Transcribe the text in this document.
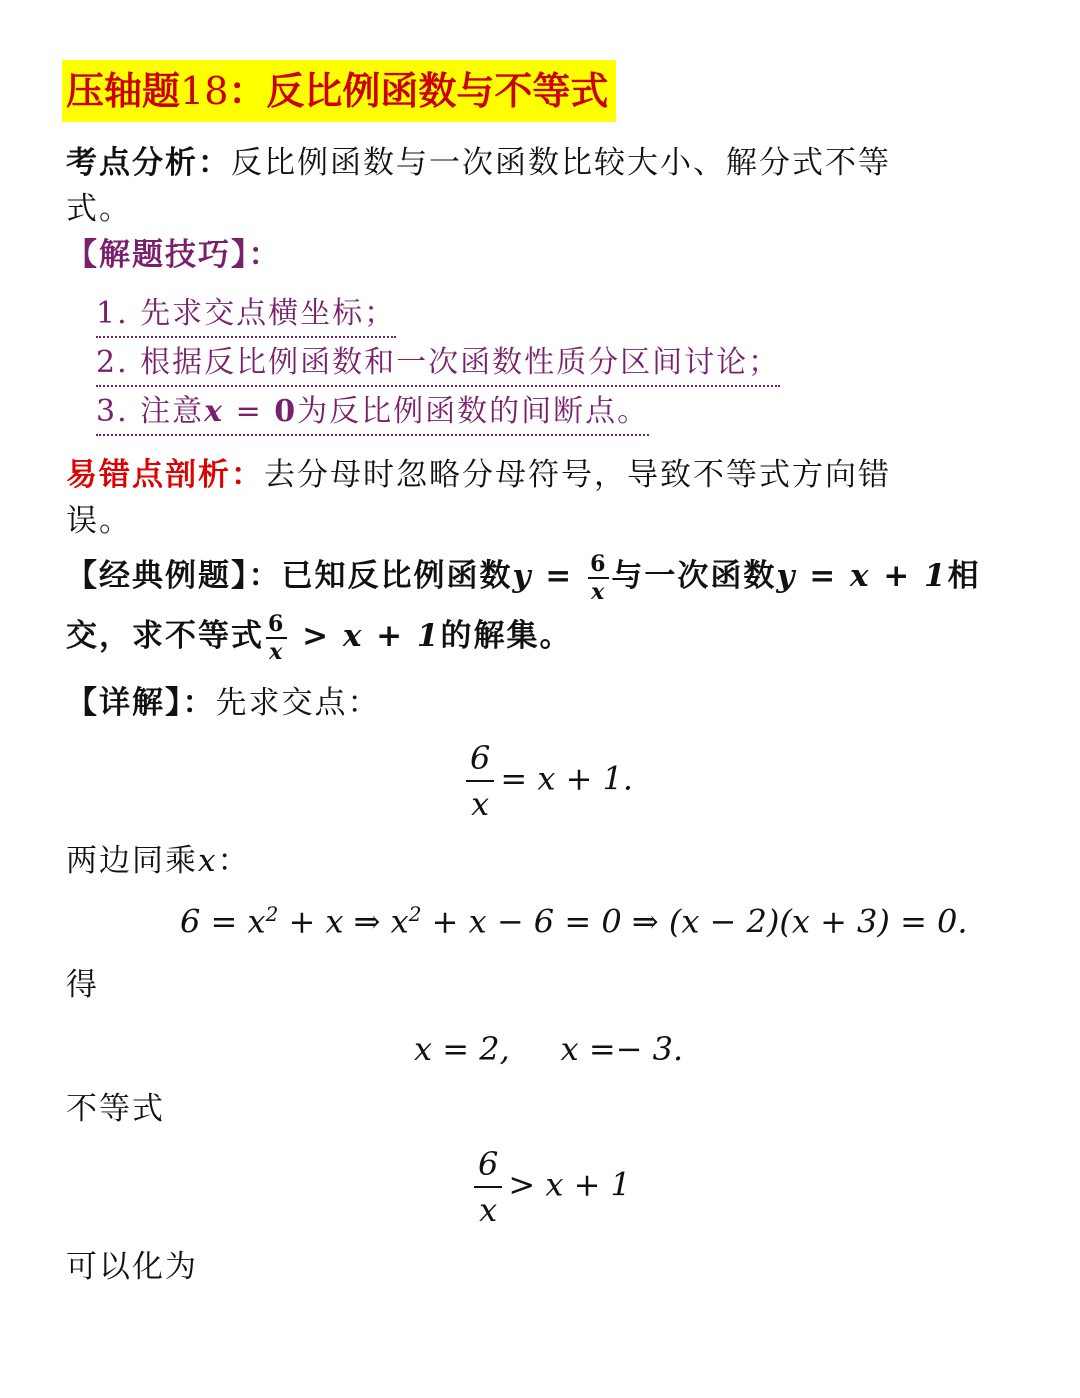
压轴题18：反比例函数与不等式
考点分析：反比例函数与一次函数比较大小、解分式不等
式。
【解题技巧】：
1. 先求交点横坐标；
2. 根据反比例函数和一次函数性质分区间讨论；
3. 注意x = 0为反比例函数的间断点。
易错点剖析：去分母时忽略分母符号，导致不等式方向错
误。
【经典例题】：已知反比例函数$y = \frac{6}{x}$ 与一次函数y = x + 1相
交，求不等式 $\frac{6}{x} > x + 1$的解集。
【详解】：先求交点：
$\frac{6}{x} = x + 1$.
两边同乘x：
$6 = x^2 + x$ ⇒ $x^2 + x - 6 = 0$ ⇒ (x − 2)(x + 3) = 0.
得
x = 2,     x =− 3.
不等式
$\frac{6}{x} > x + 1$
可以化为
